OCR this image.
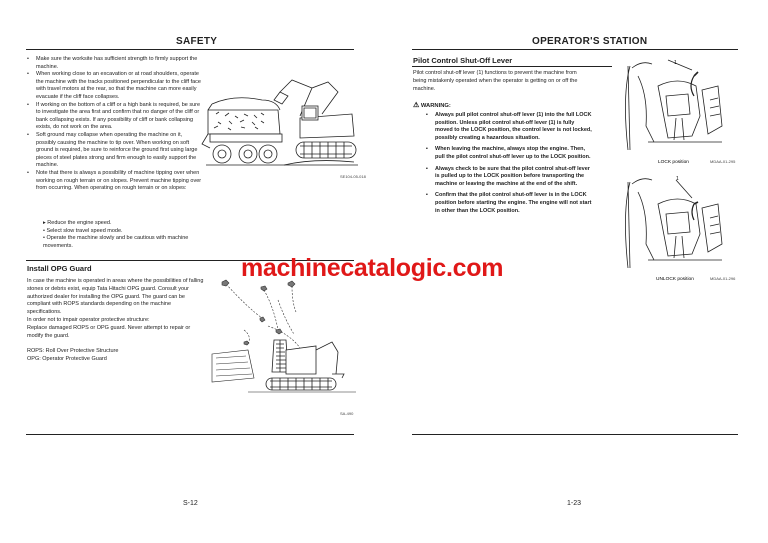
SAFETY
• Make sure the worksite has sufficient strength to firmly support the machine.
• When working close to an excavation or at road shoulders, operate the machine with the tracks positioned perpendicular to the cliff face with travel motors at the rear, so that the machine can more easily evacuate if the cliff face collapses.
• If working on the bottom of a cliff or a high bank is required, be sure to investigate the area first and confirm that no danger of the cliff or bank collapsing exists. If any possibility of cliff or bank collapsing exists, do not work on the area.
• Soft ground may collapse when operating the machine on it, possibly causing the machine to tip over. When working on soft ground is required, be sure to reinforce the ground first using large pieces of steel plates strong and firm enough to easily support the machine.
• Note that there is always a possibility of machine tipping over when working on rough terrain or on slopes. Prevent machine tipping over from occurring. When operating on rough terrain or on slopes:
▸ Reduce the engine speed.
• Select slow travel speed mode.
• Operate the machine slowly and be cautious with machine movements.
SE104-05-018
Install OPG Guard
In case the machine is operated in areas where the possibilities of falling stones or debris exist, equip Tata Hitachi OPG guard. Consult your authorized dealer for installing the OPG guard. The guard can be compliant with ROPS standards depending on the machine specifications.
In order not to impair operator protective structure:
Replace damaged ROPS or OPG guard. Never attempt to repair or modify the guard.
ROPS: Roll Over Protective Structure
OPG: Operator Protective Guard
SA-490
S-12
machinecatalogic.com
OPERATOR'S STATION
Pilot Control Shut-Off Lever
Pilot control shut-off lever (1) functions to prevent the machine from being mistakenly operated when the operator is getting on or off the machine.
⚠ WARNING:
▪ Always pull pilot control shut-off lever (1) into the full LOCK position. Unless pilot control shut-off lever (1) is fully moved to the LOCK position, the control lever is not locked, possibly creating a hazardous situation.
▪ When leaving the machine, always stop the engine. Then, pull the pilot control shut-off lever up to the LOCK position.
▪ Always check to be sure that the pilot control shut-off lever is pulled up to the LOCK position before transporting the machine or leaving the machine at the end of the shift.
▪ Confirm that the pilot control shut-off lever is in the LOCK position before starting the engine. The engine will not start in other than the LOCK position.
1
LOCK position	MDAA-01-295
1
UNLOCK position	MDAA-01-296
1-23
